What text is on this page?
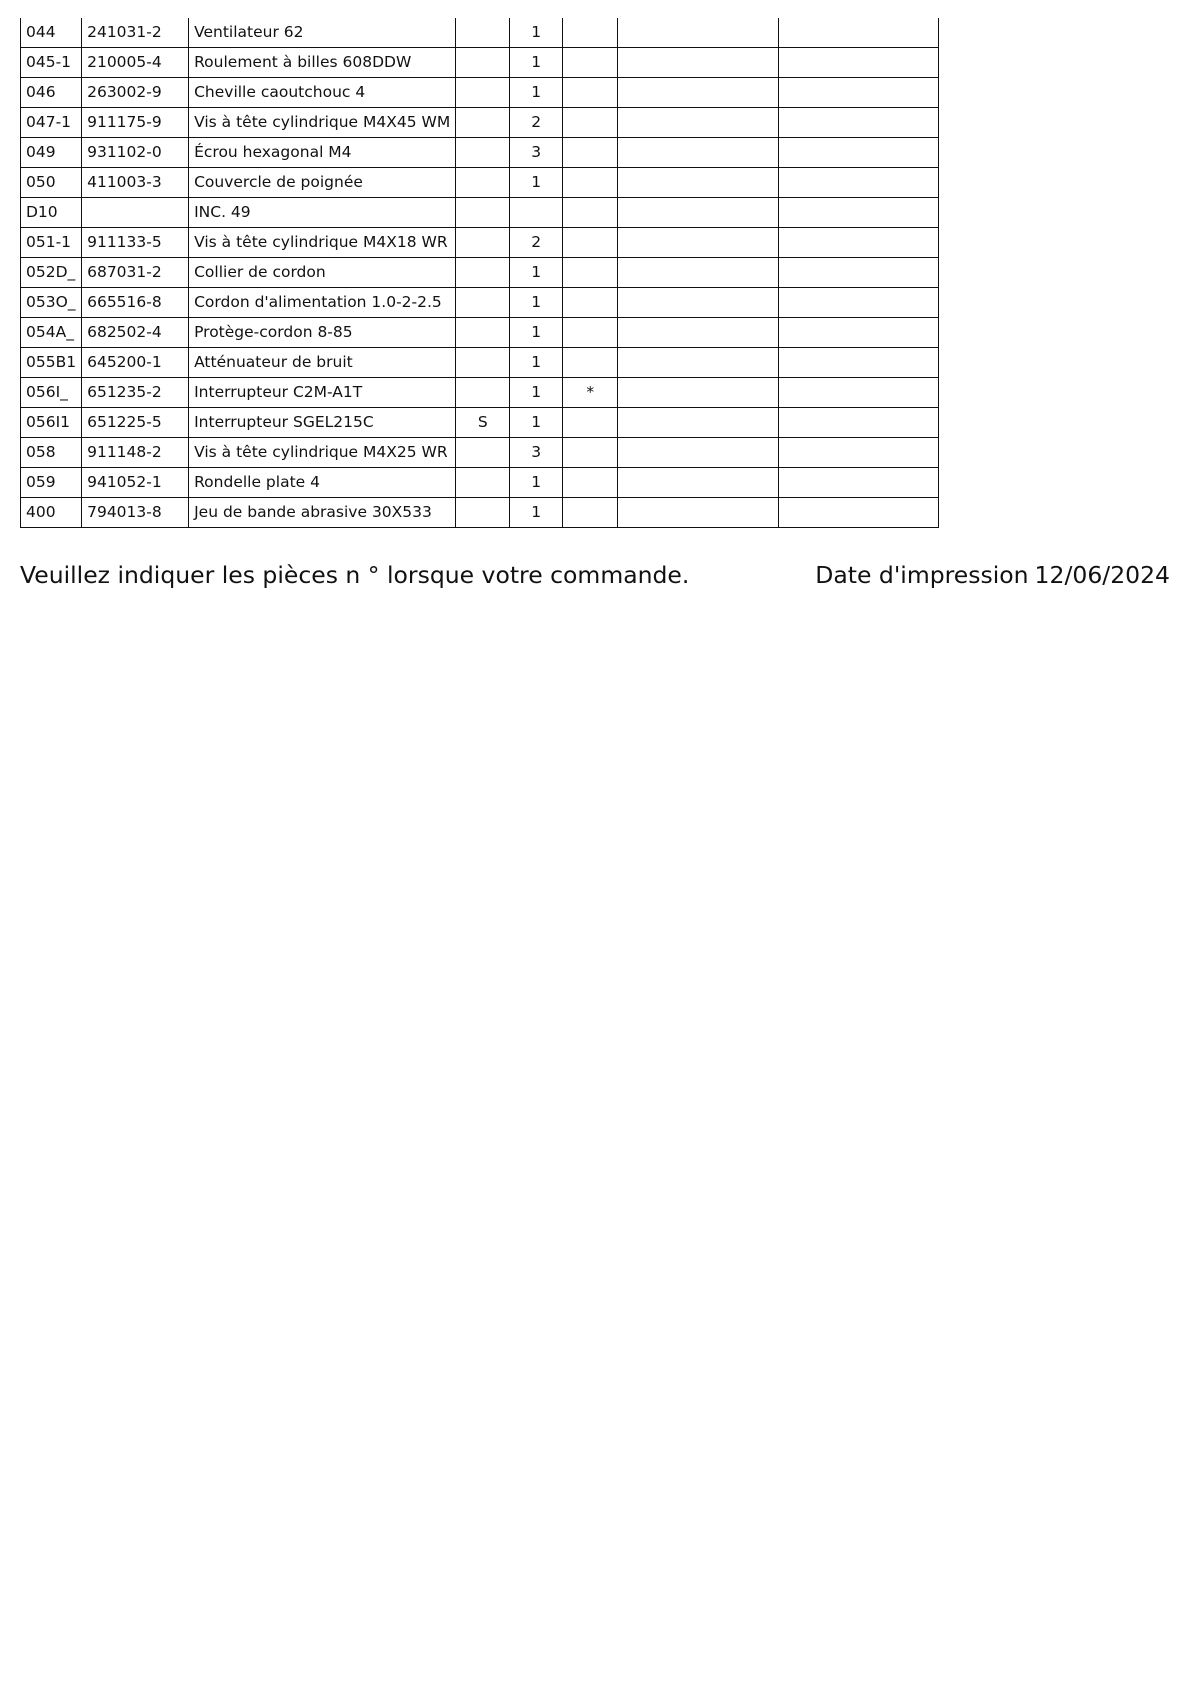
044	241031-2	Ventilateur 62		1			
045-1	210005-4	Roulement à billes 608DDW		1			
046	263002-9	Cheville caoutchouc 4		1			
047-1	911175-9	Vis à tête cylindrique M4X45 WM		2			
049	931102-0	Écrou hexagonal M4		3			
050	411003-3	Couvercle de poignée		1			
D10		INC. 49					
051-1	911133-5	Vis à tête cylindrique M4X18 WR		2			
052D_	687031-2	Collier de cordon		1			
053O_	665516-8	Cordon d'alimentation 1.0-2-2.5		1			
054A_	682502-4	Protège-cordon 8-85		1			
055B1	645200-1	Atténuateur de bruit		1			
056I_	651235-2	Interrupteur C2M-A1T		1	*		
056I1	651225-5	Interrupteur SGEL215C	S	1			
058	911148-2	Vis à tête cylindrique M4X25 WR		3			
059	941052-1	Rondelle plate 4		1			
400	794013-8	Jeu de bande abrasive 30X533		1			
Veuillez indiquer les pièces n ° lorsque votre commande.	Date d'impression 12/06/2024
